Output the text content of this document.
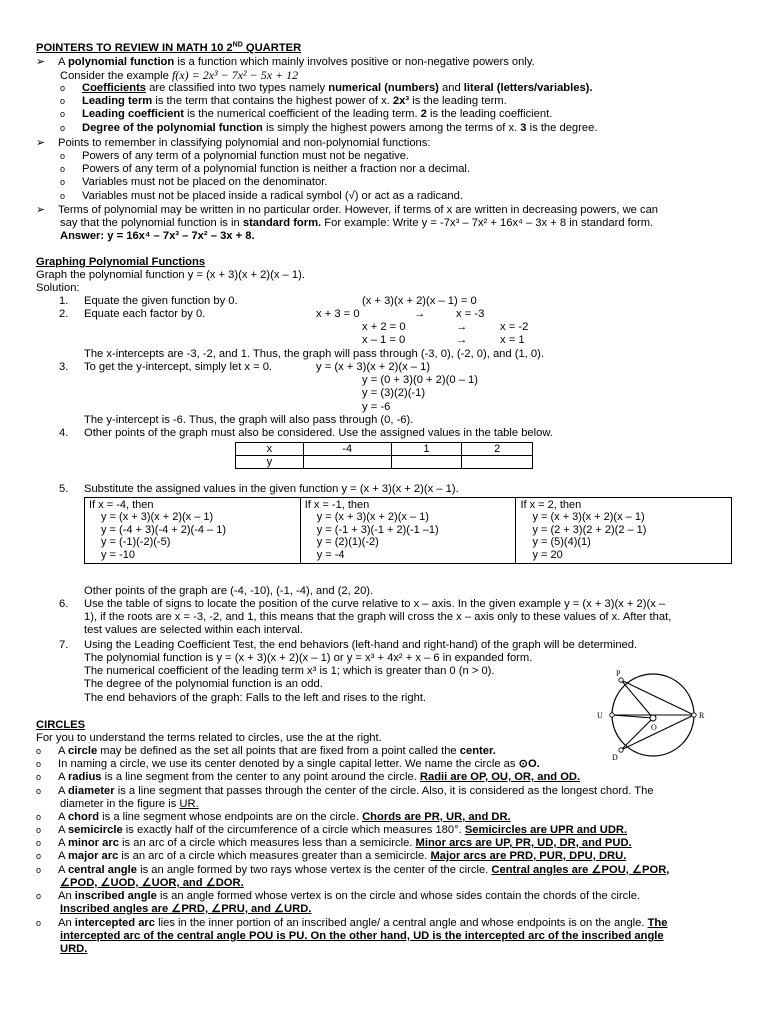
POINTERS TO REVIEW IN MATH 10 2ND QUARTER
➢ A polynomial function is a function which mainly involves positive or non-negative powers only.
Consider the example f(x) = 2x³ − 7x² − 5x + 12
o Coefficients are classified into two types namely numerical (numbers) and literal (letters/variables).
o Leading term is the term that contains the highest power of x. 2x³ is the leading term.
o Leading coefficient is the numerical coefficient of the leading term. 2 is the leading coefficient.
o Degree of the polynomial function is simply the highest powers among the terms of x. 3 is the degree.
➢ Points to remember in classifying polynomial and non-polynomial functions:
o Powers of any term of a polynomial function must not be negative.
o Powers of any term of a polynomial function is neither a fraction nor a decimal.
o Variables must not be placed on the denominator.
o Variables must not be placed inside a radical symbol (√) or act as a radicand.
➢ Terms of polynomial may be written in no particular order. However, if terms of x are written in decreasing powers, we can
say that the polynomial function is in standard form. For example: Write y = -7x³ – 7x² + 16x⁴ – 3x + 8 in standard form.
Answer: y = 16x⁴ – 7x³ – 7x² – 3x + 8.
Graphing Polynomial Functions
Graph the polynomial function y = (x + 3)(x + 2)(x – 1).
Solution:
1. Equate the given function by 0.	(x + 3)(x + 2)(x – 1) = 0
2. Equate each factor by 0.	x + 3 = 0	→	x = -3
x + 2 = 0	→	x = -2
x – 1 = 0	→	x = 1
The x-intercepts are -3, -2, and 1. Thus, the graph will pass through (-3, 0), (-2, 0), and (1, 0).
3. To get the y-intercept, simply let x = 0.	y = (x + 3)(x + 2)(x – 1)
y = (0 + 3)(0 + 2)(0 – 1)
y = (3)(2)(-1)
y = -6
The y-intercept is -6. Thus, the graph will also pass through (0, -6).
4. Other points of the graph must also be considered. Use the assigned values in the table below.
x	-4	1	2
y			
5. Substitute the assigned values in the given function y = (x + 3)(x + 2)(x – 1).
If x = -4, then
y = (x + 3)(x + 2)(x – 1)
y = (-4 + 3)(-4 + 2)(-4 – 1)
y = (-1)(-2)(-5)
y = -10

If x = -1, then
y = (x + 3)(x + 2)(x – 1)
y = (-1 + 3)(-1 + 2)(-1 –1)
y = (2)(1)(-2)
y = -4

If x = 2, then
y = (x + 3)(x + 2)(x – 1)
y = (2 + 3)(2 + 2)(2 – 1)
y = (5)(4)(1)
y = 20
Other points of the graph are (-4, -10), (-1, -4), and (2, 20).
6. Use the table of signs to locate the position of the curve relative to x – axis. In the given example y = (x + 3)(x + 2)(x –
1), if the roots are x = -3, -2, and 1, this means that the graph will cross the x – axis only to these values of x. After that,
test values are selected within each interval.
7. Using the Leading Coefficient Test, the end behaviors (left-hand and right-hand) of the graph will be determined.
The polynomial function is y = (x + 3)(x + 2)(x – 1) or y = x³ + 4x² + x – 6 in expanded form.
The numerical coefficient of the leading term x³ is 1; which is greater than 0 (n > 0).
The degree of the polynomial function is an odd.
The end behaviors of the graph: Falls to the left and rises to the right.
CIRCLES
For you to understand the terms related to circles, use the at the right.
o A circle may be defined as the set all points that are fixed from a point called the center.
o In naming a circle, we use its center denoted by a single capital letter. We name the circle as ⊙O.
o A radius is a line segment from the center to any point around the circle. Radii are OP, OU, OR, and OD.
o A diameter is a line segment that passes through the center of the circle. Also, it is considered as the longest chord. The
o A chord is a line segment whose endpoints are on the circle. Chords are PR, UR, and DR.
o A semicircle is exactly half of the circumference of a circle which measures 180°. Semicircles are UPR and UDR.
o A minor arc is an arc of a circle which measures less than a semicircle. Minor arcs are UP, PR, UD, DR, and PUD.
o A major arc is an arc of a circle which measures greater than a semicircle. Major arcs are PRD, PUR, DPU, DRU.
o A central angle is an angle formed by two rays whose vertex is the center of the circle. Central angles are ∠POU, ∠POR,
o An inscribed angle is an angle formed whose vertex is on the circle and whose sides contain the chords of the circle.
o An intercepted arc lies in the inner portion of an inscribed angle/ a central angle and whose endpoints is on the angle. The
diameter in the figure is UR.
∠POD, ∠UOD, ∠UOR, and ∠DOR.
Inscribed angles are ∠PRD, ∠PRU, and ∠URD.
intercepted arc of the central angle POU is PU. On the other hand, UD is the intercepted arc of the inscribed angle
URD.
P
U
O
R
D
